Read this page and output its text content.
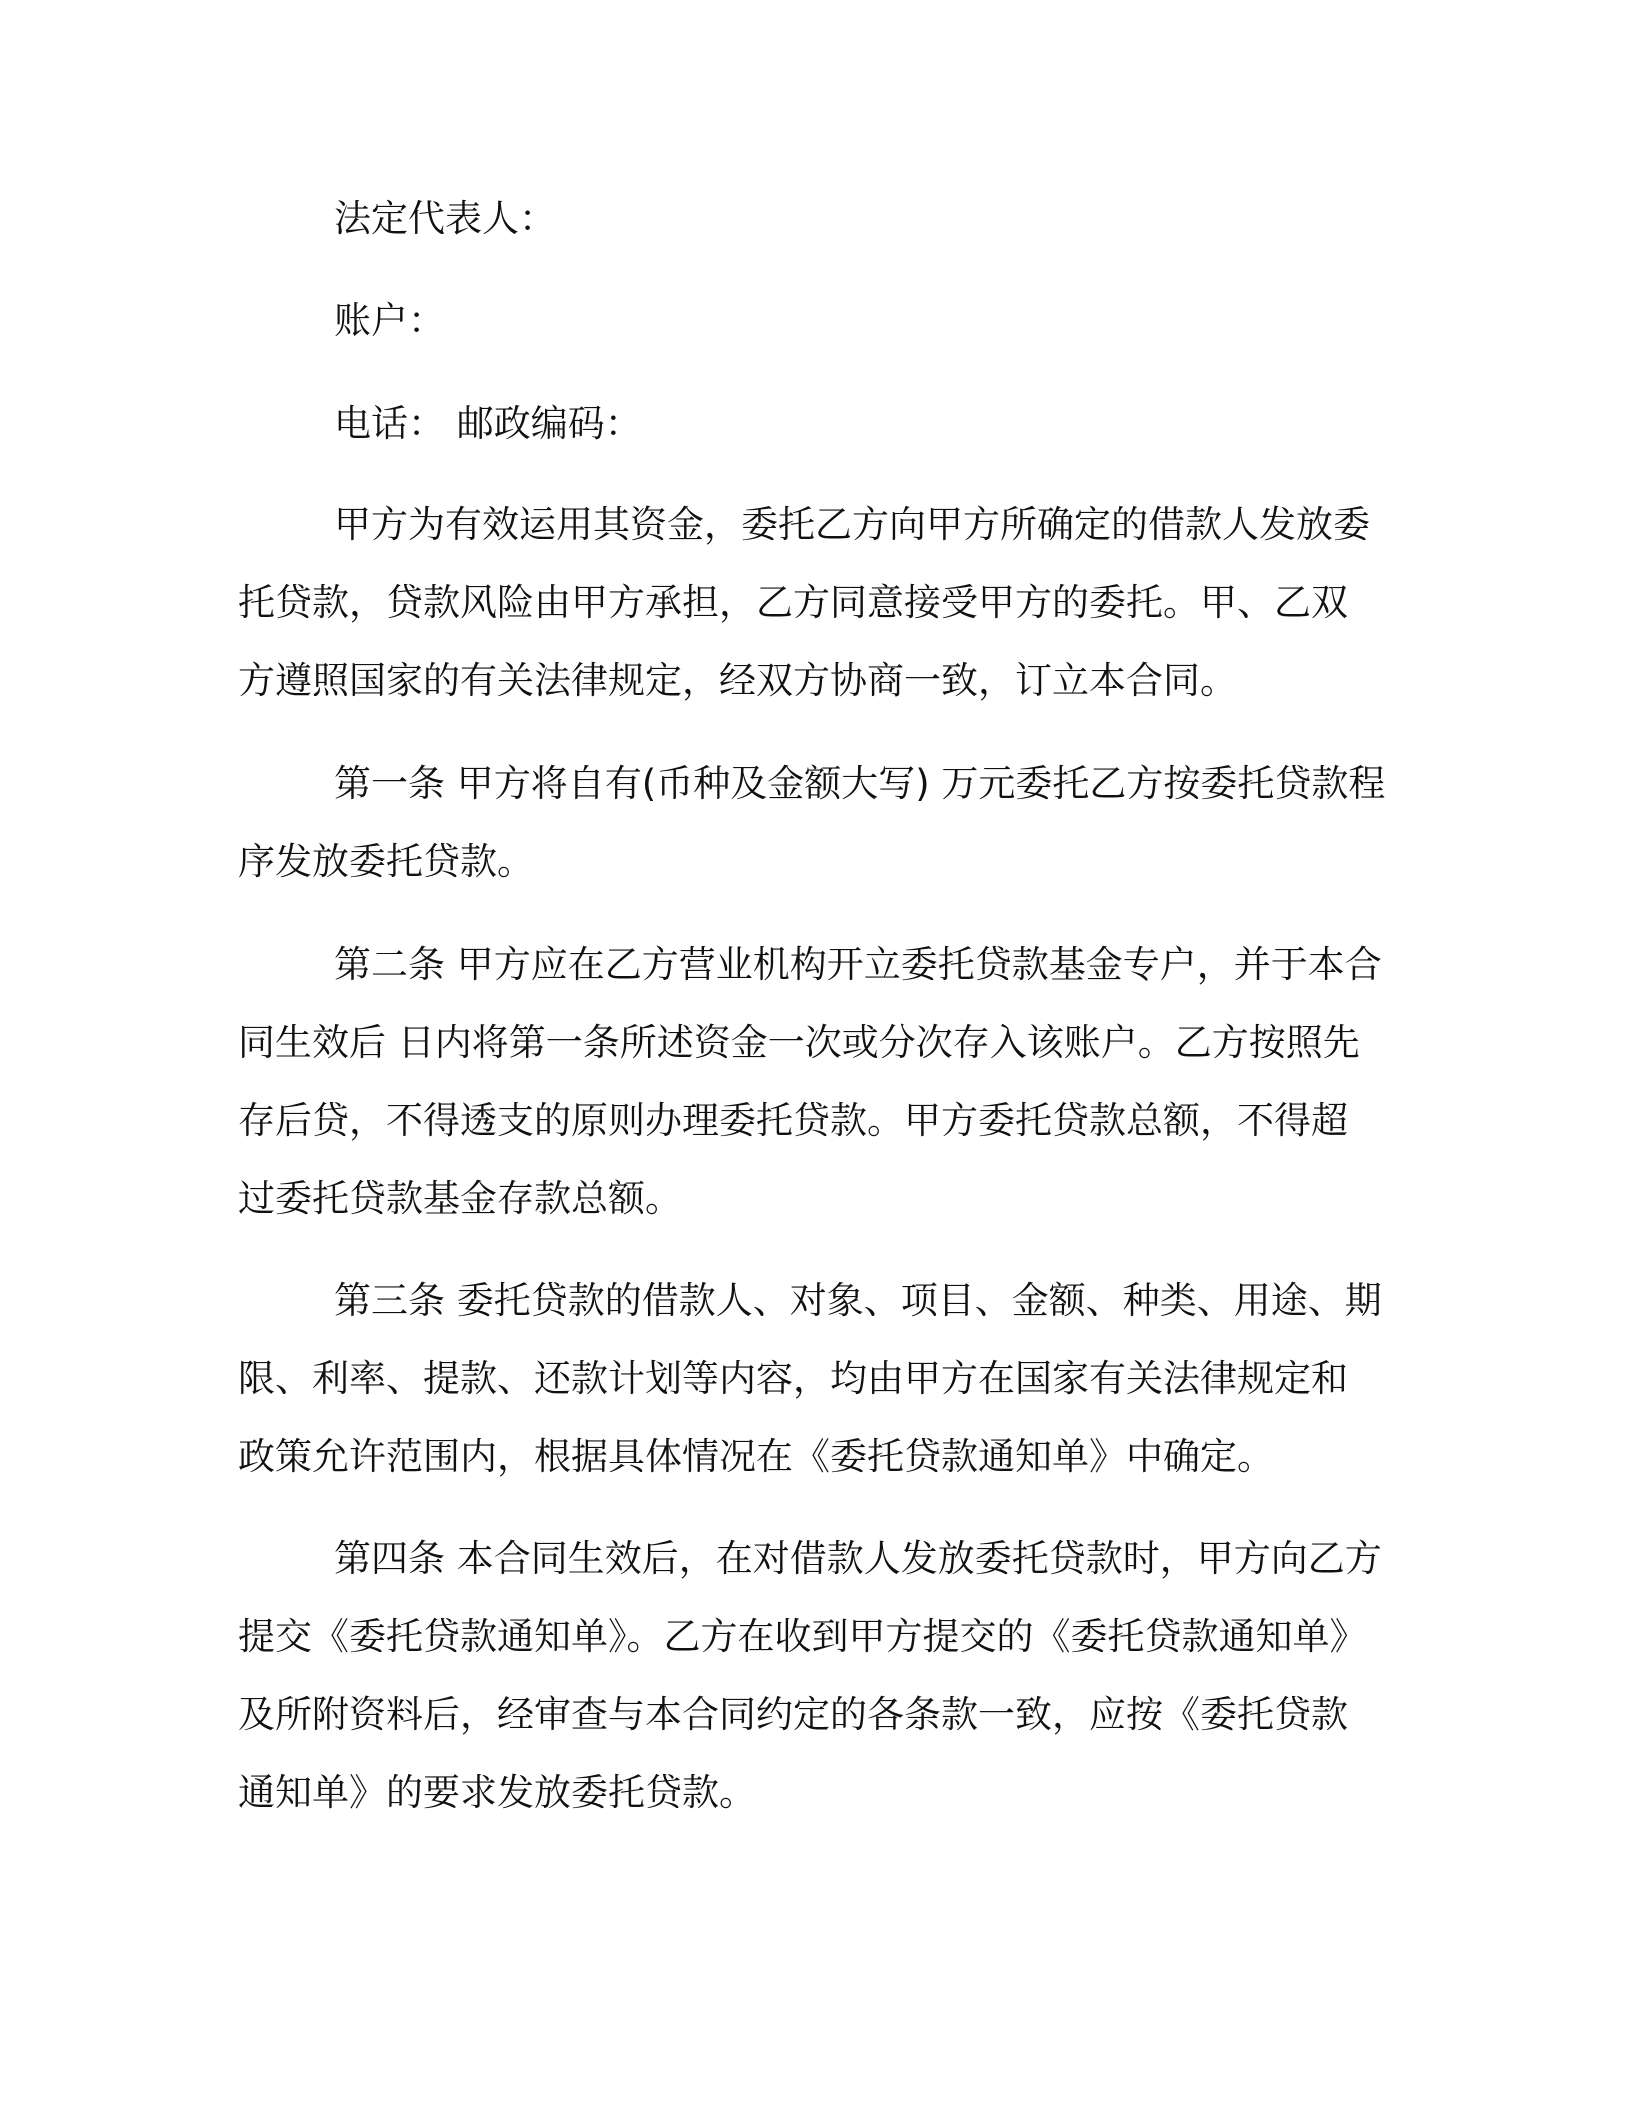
法定代表人：
账户：
电话： 邮政编码：
甲方为有效运用其资金，委托乙方向甲方所确定的借款人发放委
托贷款，贷款风险由甲方承担，乙方同意接受甲方的委托。甲、乙双
方遵照国家的有关法律规定，经双方协商一致，订立本合同。
第一条 甲方将自有(币种及金额大写) 万元委托乙方按委托贷款程
序发放委托贷款。
第二条 甲方应在乙方营业机构开立委托贷款基金专户，并于本合
同生效后 日内将第一条所述资金一次或分次存入该账户。乙方按照先
存后贷，不得透支的原则办理委托贷款。甲方委托贷款总额，不得超
过委托贷款基金存款总额。
第三条 委托贷款的借款人、对象、项目、金额、种类、用途、期
限、利率、提款、还款计划等内容，均由甲方在国家有关法律规定和
政策允许范围内，根据具体情况在《委托贷款通知单》中确定。
第四条 本合同生效后，在对借款人发放委托贷款时，甲方向乙方
提交《委托贷款通知单》。乙方在收到甲方提交的《委托贷款通知单》
及所附资料后，经审查与本合同约定的各条款一致，应按《委托贷款
通知单》的要求发放委托贷款。
